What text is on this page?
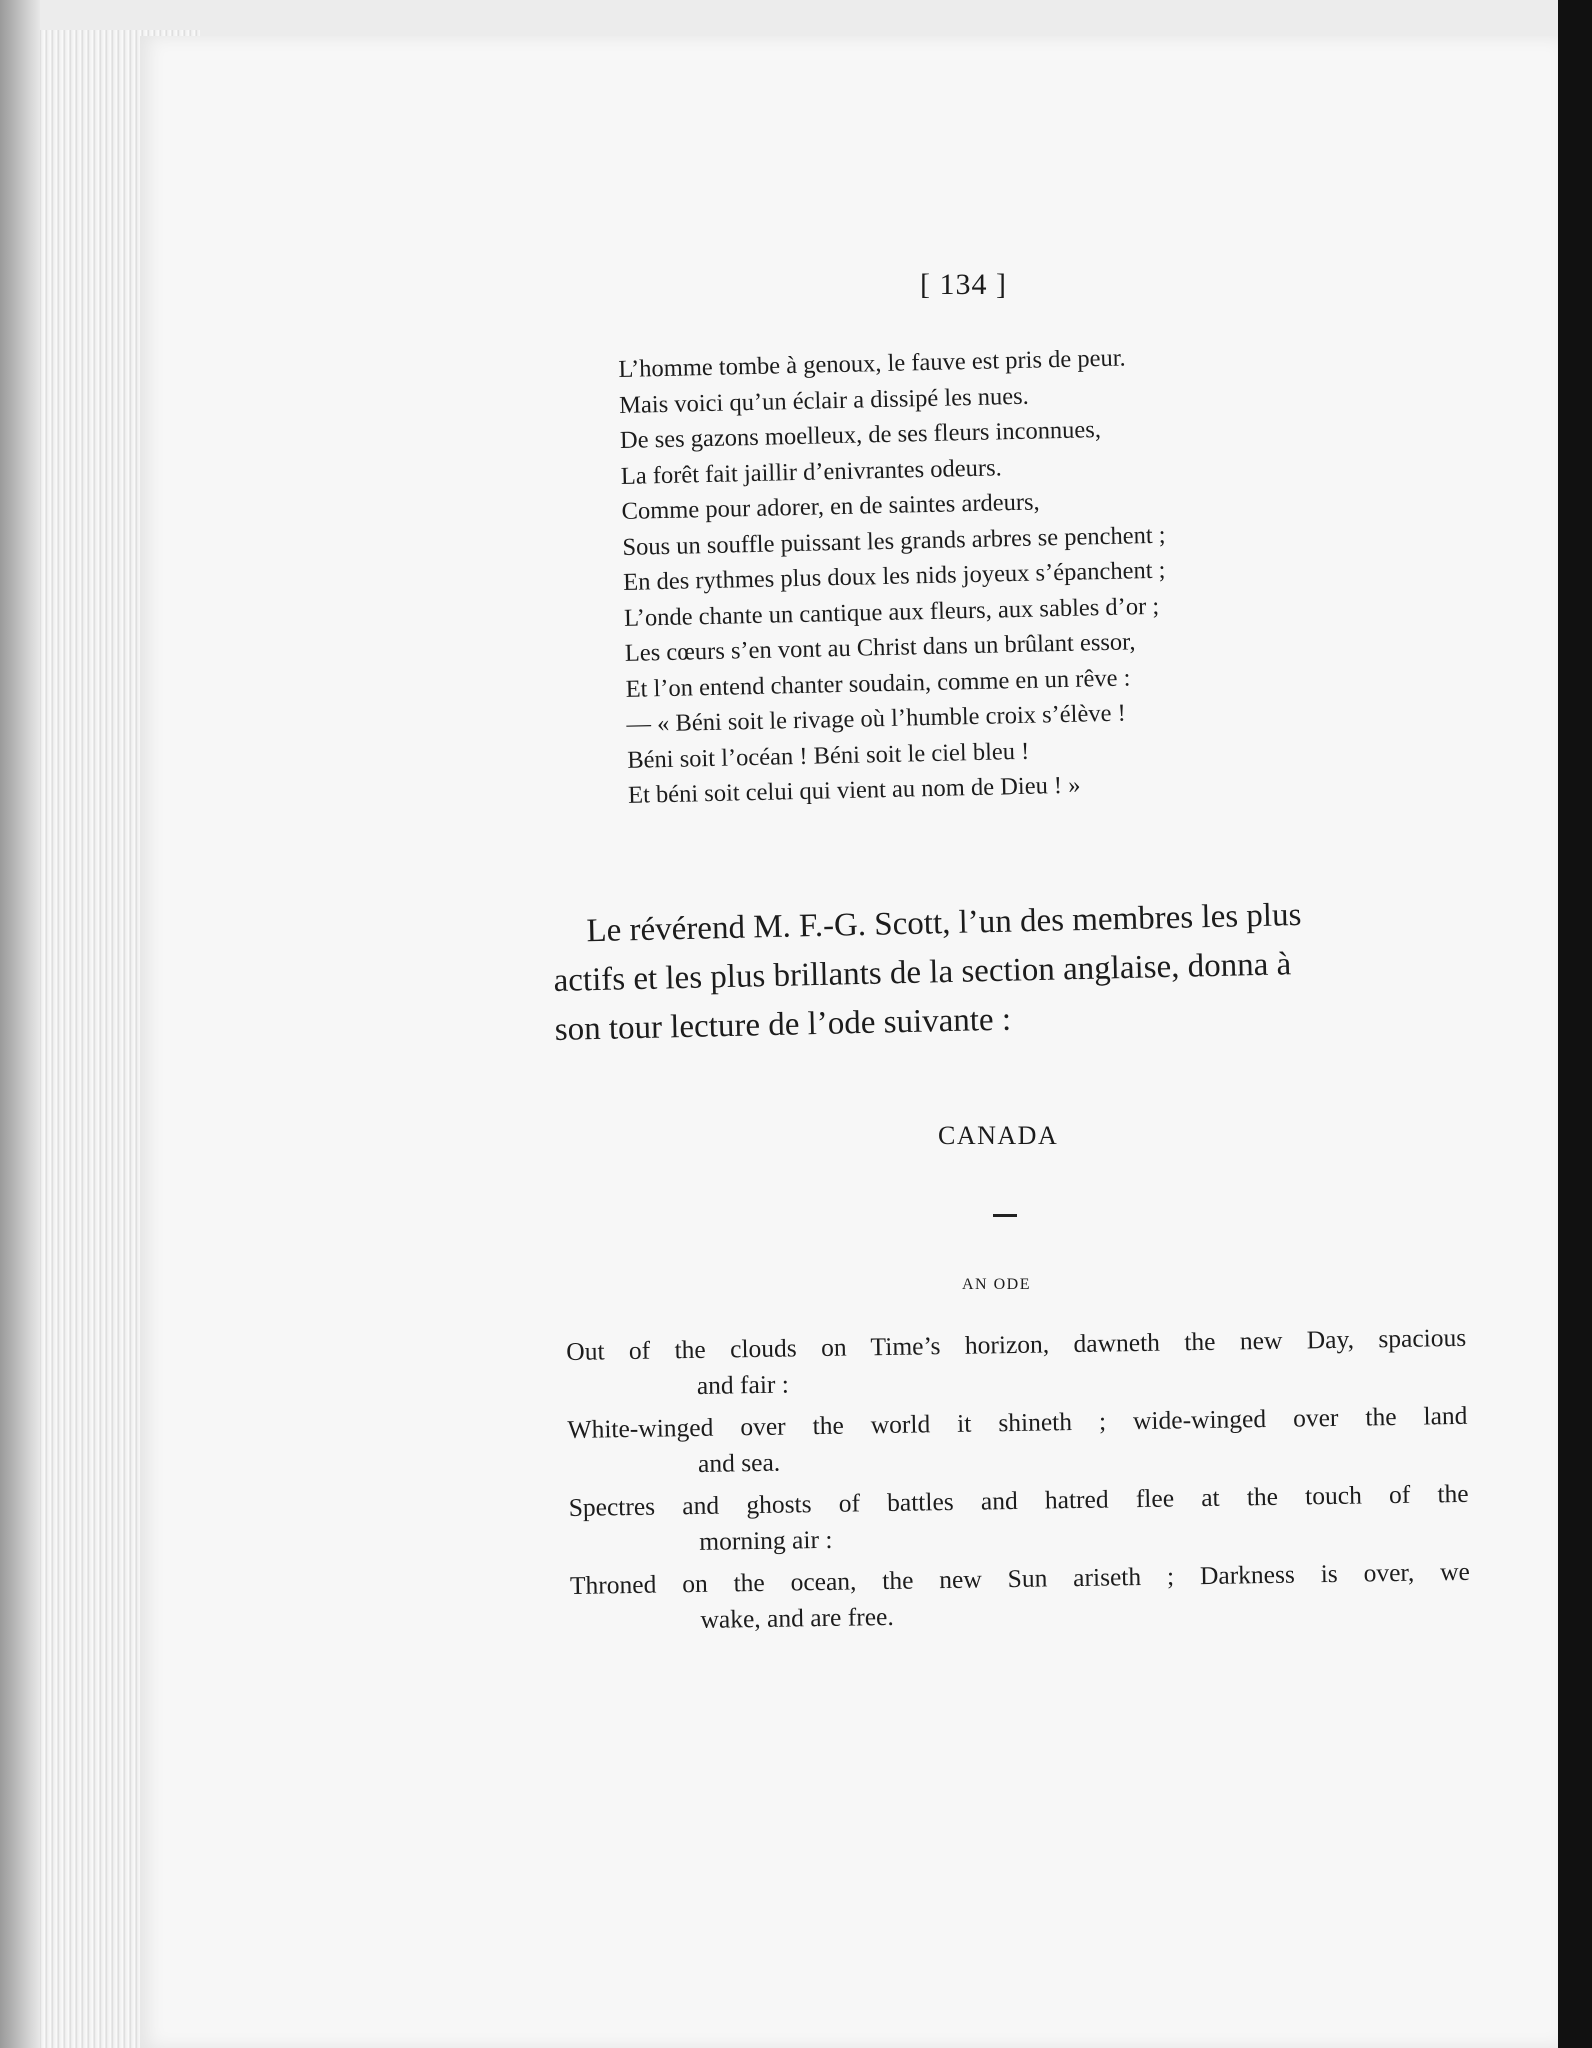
[ 134 ]
L’homme tombe à genoux, le fauve est pris de peur.
Mais voici qu’un éclair a dissipé les nues.
De ses gazons moelleux, de ses fleurs inconnues,
La forêt fait jaillir d’enivrantes odeurs.
Comme pour adorer, en de saintes ardeurs,
Sous un souffle puissant les grands arbres se penchent ;
En des rythmes plus doux les nids joyeux s’épanchent ;
L’onde chante un cantique aux fleurs, aux sables d’or ;
Les cœurs s’en vont au Christ dans un brûlant essor,
Et l’on entend chanter soudain, comme en un rêve :
— « Béni soit le rivage où l’humble croix s’élève !
Béni soit l’océan ! Béni soit le ciel bleu !
Et béni soit celui qui vient au nom de Dieu ! »
Le révérend M. F.-G. Scott, l’un des membres les plus
actifs et les plus brillants de la section anglaise, donna à
son tour lecture de l’ode suivante :
CANADA
AN ODE
Out of the clouds on Time’s horizon, dawneth the new Day, spacious
and fair :
White-winged over the world it shineth ; wide-winged over the land
and sea.
Spectres and ghosts of battles and hatred flee at the touch of the
morning air :
Throned on the ocean, the new Sun ariseth ; Darkness is over, we
wake, and are free.
